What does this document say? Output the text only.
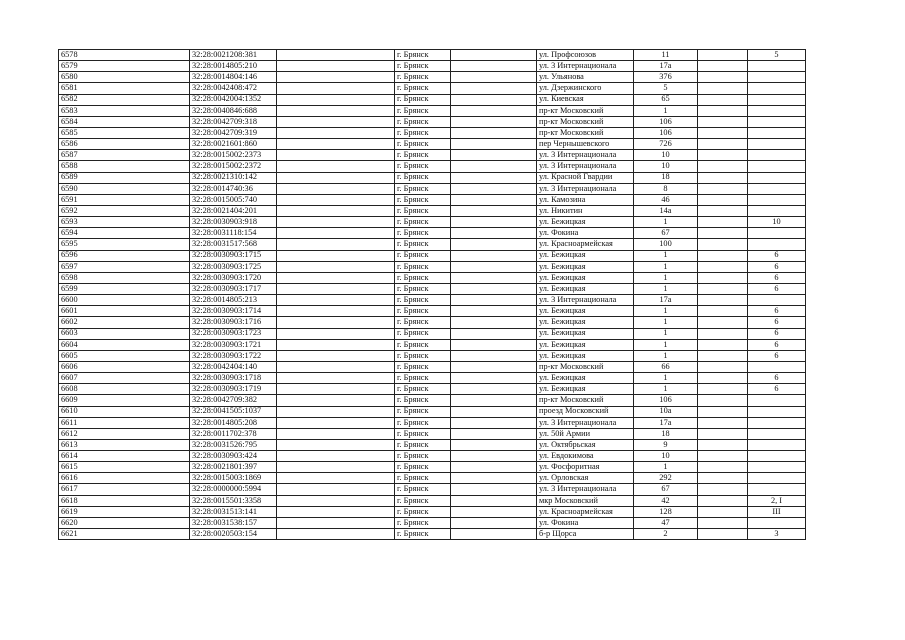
6578	32:28:0021208:381		г. Брянск		ул. Профсоюзов	11		5
6579	32:28:0014805:210		г. Брянск		ул. 3 Интернационала	17а		
6580	32:28:0014804:146		г. Брянск		ул. Ульянова	376		
6581	32:28:0042408:472		г. Брянск		ул. Дзержинского	5		
6582	32:28:0042004:1352		г. Брянск		ул. Киевская	65		
6583	32:28:0040846:688		г. Брянск		пр-кт Московский	1		
6584	32:28:0042709:318		г. Брянск		пр-кт Московский	106		
6585	32:28:0042709:319		г. Брянск		пр-кт Московский	106		
6586	32:28:0021601:860		г. Брянск		пер Чернышевского	726		
6587	32:28:0015002:2373		г. Брянск		ул. 3 Интернационала	10		
6588	32:28:0015002:2372		г. Брянск		ул. 3 Интернационала	10		
6589	32:28:0021310:142		г. Брянск		ул. Красной Гвардии	18		
6590	32:28:0014740:36		г. Брянск		ул. 3 Интернационала	8		
6591	32:28:0015005:740		г. Брянск		ул. Камозина	46		
6592	32:28:0021404:201		г. Брянск		ул. Никитин	14а		
6593	32:28:0030903:918		г. Брянск		ул. Бежицкая	1		10
6594	32:28:0031118:154		г. Брянск		ул. Фокина	67		
6595	32:28:0031517:568		г. Брянск		ул. Красноармейская	100		
6596	32:28:0030903:1715		г. Брянск		ул. Бежицкая	1		6
6597	32:28:0030903:1725		г. Брянск		ул. Бежицкая	1		6
6598	32:28:0030903:1720		г. Брянск		ул. Бежицкая	1		6
6599	32:28:0030903:1717		г. Брянск		ул. Бежицкая	1		6
6600	32:28:0014805:213		г. Брянск		ул. 3 Интернационала	17а		
6601	32:28:0030903:1714		г. Брянск		ул. Бежицкая	1		6
6602	32:28:0030903:1716		г. Брянск		ул. Бежицкая	1		6
6603	32:28:0030903:1723		г. Брянск		ул. Бежицкая	1		6
6604	32:28:0030903:1721		г. Брянск		ул. Бежицкая	1		6
6605	32:28:0030903:1722		г. Брянск		ул. Бежицкая	1		6
6606	32:28:0042404:140		г. Брянск		пр-кт Московский	66		
6607	32:28:0030903:1718		г. Брянск		ул. Бежицкая	1		6
6608	32:28:0030903:1719		г. Брянск		ул. Бежицкая	1		6
6609	32:28:0042709:382		г. Брянск		пр-кт Московский	106		
6610	32:28:0041505:1037		г. Брянск		проезд Московский	10а		
6611	32:28:0014805:208		г. Брянск		ул. 3 Интернационала	17а		
6612	32:28:0011702:378		г. Брянск		ул. 50й Армии	18		
6613	32:28:0031526:795		г. Брянск		ул. Октябрьская	9		
6614	32:28:0030903:424		г. Брянск		ул. Евдокимова	10		
6615	32:28:0021801:397		г. Брянск		ул. Фосфоритная	1		
6616	32:28:0015003:1869		г. Брянск		ул. Орловская	292		
6617	32:28:0000000:5994		г. Брянск		ул. 3 Интернационала	67		
6618	32:28:0015501:3358		г. Брянск		мкр Московский	42		2, I
6619	32:28:0031513:141		г. Брянск		ул. Красноармейская	128		III
6620	32:28:0031538:157		г. Брянск		ул. Фокина	47		
6621	32:28:0020503:154		г. Брянск		б-р Щорса	2		3
